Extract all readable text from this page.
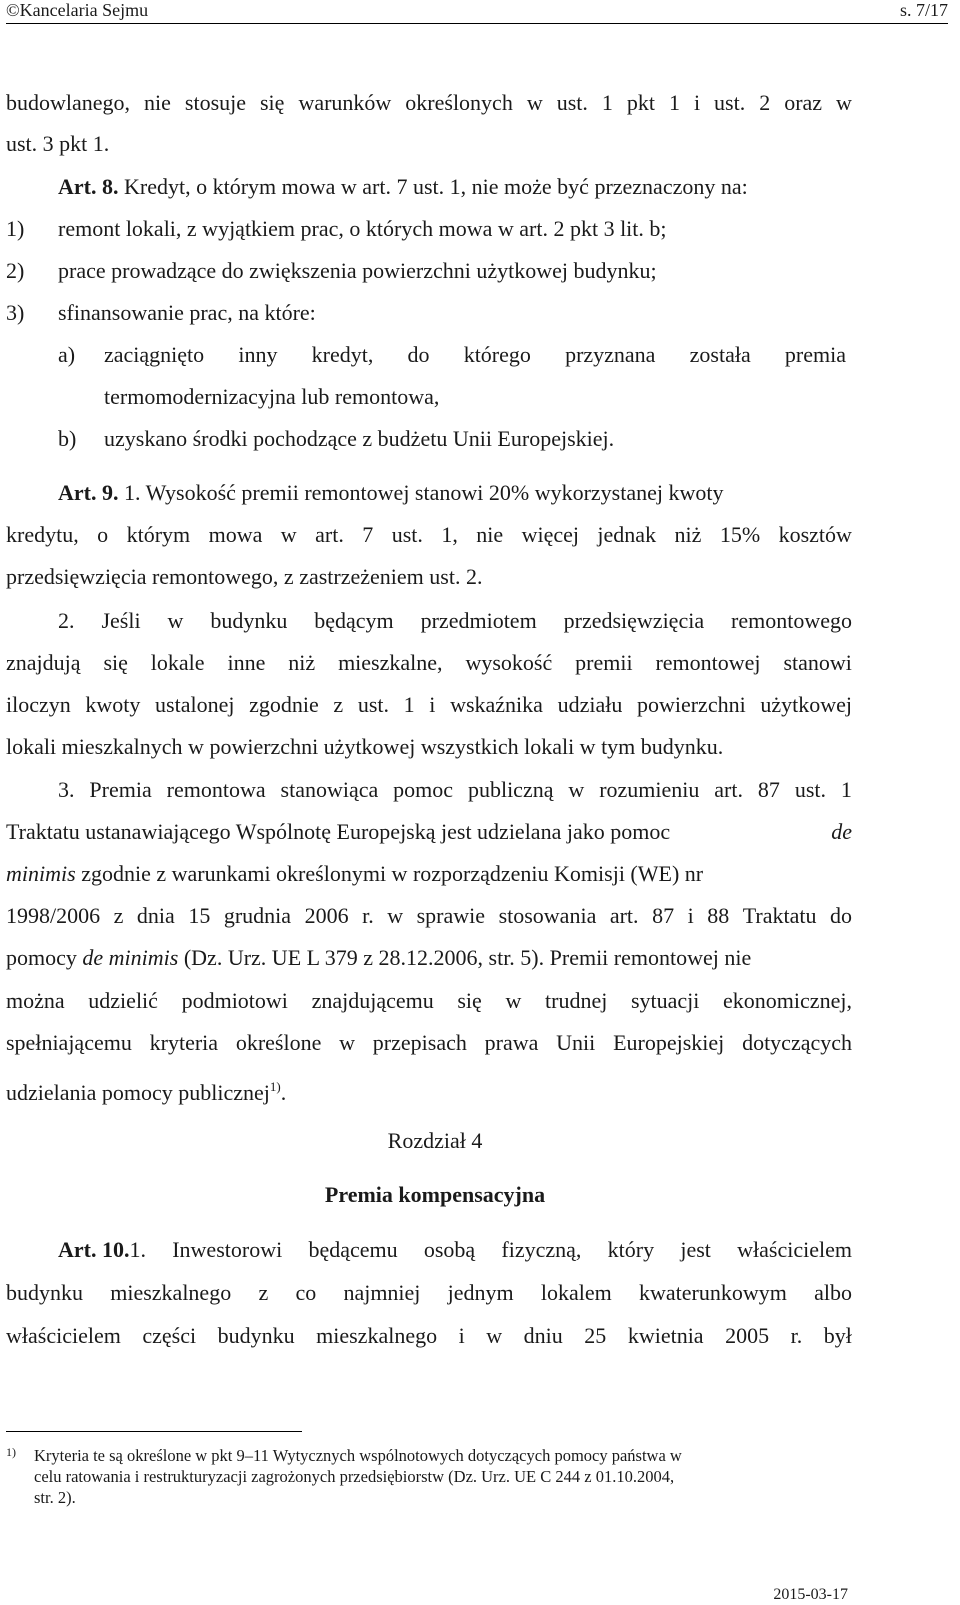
©Kancelaria Sejmu	s. 7/17
budowlanego, nie stosuje się warunków określonych w ust. 1 pkt 1 i ust. 2 oraz w
ust. 3 pkt 1.
Art. 8. Kredyt, o którym mowa w art. 7 ust. 1, nie może być przeznaczony na:
1) remont lokali, z wyjątkiem prac, o których mowa w art. 2 pkt 3 lit. b;
2) prace prowadzące do zwiększenia powierzchni użytkowej budynku;
3) sfinansowanie prac, na które:
a) zaciągnięto inny kredyt, do którego przyznana została premia
termomodernizacyjna lub remontowa,
b) uzyskano środki pochodzące z budżetu Unii Europejskiej.
Art. 9. 1. Wysokość premii remontowej stanowi 20% wykorzystanej kwoty
kredytu, o którym mowa w art. 7 ust. 1, nie więcej jednak niż 15% kosztów
przedsięwzięcia remontowego, z zastrzeżeniem ust. 2.
2. Jeśli w budynku będącym przedmiotem przedsięwzięcia remontowego
znajdują się lokale inne niż mieszkalne, wysokość premii remontowej stanowi
iloczyn kwoty ustalonej zgodnie z ust. 1 i wskaźnika udziału powierzchni użytkowej
lokali mieszkalnych w powierzchni użytkowej wszystkich lokali w tym budynku.
3. Premia remontowa stanowiąca pomoc publiczną w rozumieniu art. 87 ust. 1
Traktatu ustanawiającego Wspólnotę Europejską jest udzielana jako pomoc	de
minimis zgodnie z warunkami określonymi w rozporządzeniu Komisji (WE) nr
1998/2006 z dnia 15 grudnia 2006 r. w sprawie stosowania art. 87 i 88 Traktatu do
pomocy de minimis (Dz. Urz. UE L 379 z 28.12.2006, str. 5). Premii remontowej nie
można udzielić podmiotowi znajdującemu się w trudnej sytuacji ekonomicznej,
spełniającemu kryteria określone w przepisach prawa Unii Europejskiej dotyczących
udzielania pomocy publicznej$^{1)}$.
Rozdział 4
Premia kompensacyjna
Art. 10. 1. Inwestorowi będącemu osobą fizyczną, który jest właścicielem
budynku mieszkalnego z co najmniej jednym lokalem kwaterunkowym albo
właścicielem części budynku mieszkalnego i w dniu 25 kwietnia 2005 r. był
1) Kryteria te są określone w pkt 9–11 Wytycznych wspólnotowych dotyczących pomocy państwa w
celu ratowania i restrukturyzacji zagrożonych przedsiębiorstw (Dz. Urz. UE C 244 z 01.10.2004,
str. 2).
2015-03-17
